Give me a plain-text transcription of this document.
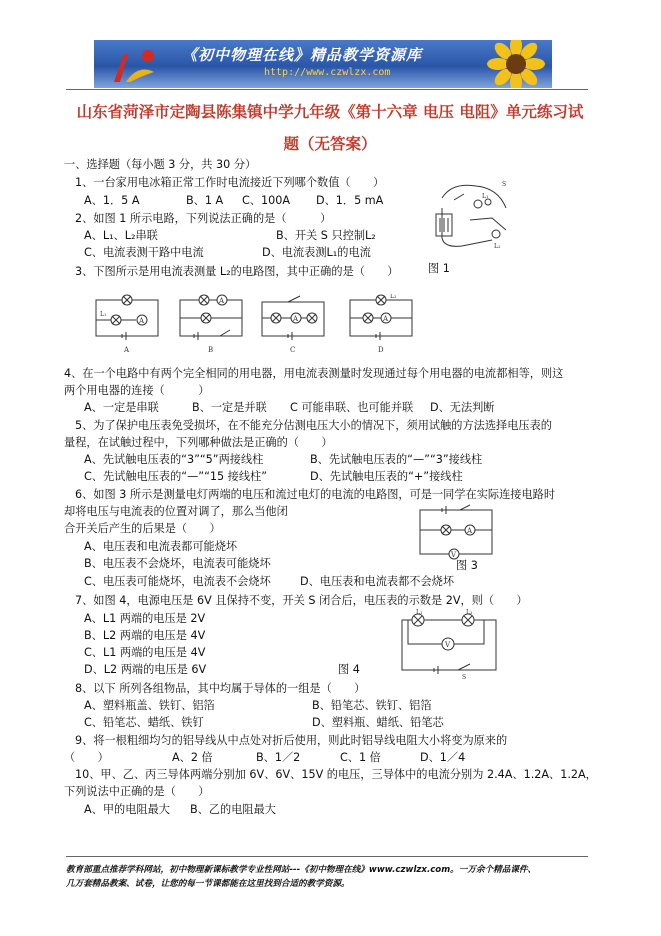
《初中物理在线》精品教学资源库
http://www.czwlzx.com
山东省菏泽市定陶县陈集镇中学九年级《第十六章 电压 电阻》单元练习试
题（无答案）
一、选择题（每小题 3 分，共 30 分）
1、一台家用电冰箱正常工作时电流接近下列哪个数值（　　）
A、1．5 A	B、1 A C、100A D、1．5 mA
2、如图 1 所示电路，下列说法正确的是（　　　）
A、L₁、L₂串联	B、开关 S 只控制L₂
C、电流表测干路中电流	D、电流表测L₁的电流
S
L₁
L₂
图 1
3、下图所示是用电流表测量 L₂的电路图，其中正确的是（　　）
A
L₁
A
A
B
A
C
A
L₂
D
4、在一个电路中有两个完全相同的用电器，用电流表测量时发现通过每个用电器的电流都相等，则这
两个用电器的连接（　　　）
A、一定是串联	B、一定是并联 C 可能串联、也可能并联 D、无法判断
5、为了保护电压表免受损坏，在不能充分估测电压大小的情况下，须用试触的方法选择电压表的
量程，在试触过程中，下列哪种做法是正确的（　　）
A、先试触电压表的“3”“5”两接线柱	B、先试触电压表的“—”“3”接线柱
C、先试触电压表的“—”“15 接线柱”	D、先试触电压表的“+”接线柱
6、如图 3 所示是测量电灯两端的电压和流过电灯的电流的电路图，可是一同学在实际连接电路时
却将电压与电流表的位置对调了，那么当他闭
合开关后产生的后果是（　　）
A、电压表和电流表都可能烧坏
B、电压表不会烧坏，电流表可能烧坏
C、电压表可能烧坏，电流表不会烧坏	D、电压表和电流表都不会烧坏
A
V
图 3
7、如图 4，电源电压是 6V 且保持不变，开关 S 闭合后，电压表的示数是 2V，则（　　）
A、L1 两端的电压是 2V
B、L2 两端的电压是 4V
C、L1 两端的电压是 4V
D、L2 两端的电压是 6V	图 4
V
L₁	L₂
S
8、以下 所列各组物品，其中均属于导体的一组是（　　）
A、塑料瓶盖、铁钉、铝箔	B、铅笔芯、铁钉、铝箔
C、铅笔芯、蜡纸、铁钉	D、塑料瓶、蜡纸、铅笔芯
9、将一根粗细均匀的铝导线从中点处对折后使用，则此时铝导线电阻大小将变为原来的
（　　）	A、2 倍	B、1／2	C、1 倍	D、1／4
10、甲、乙、丙三导体两端分别加 6V、6V、15V 的电压，三导体中的电流分别为 2.4A、1.2A、1.2A，
下列说法中正确的是（　　）
A、甲的电阻最大 B、乙的电阻最大
教育部重点推荐学科网站，初中物理新课标教学专业性网站---《初中物理在线》www.czwlzx.com。一万余个精品课件、
几万套精品教案、试卷，让您的每一节课都能在这里找到合适的教学资源。
